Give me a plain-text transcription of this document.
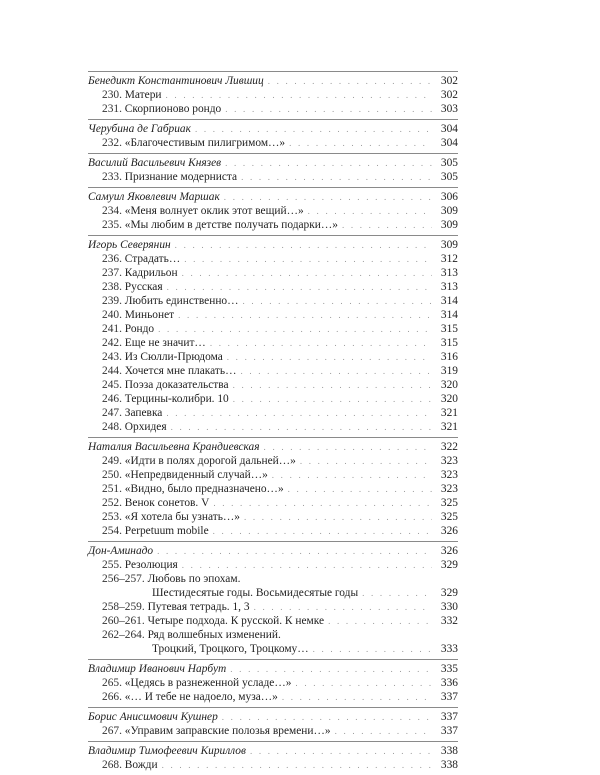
Бенедикт Константинович Лившиц . . .	302
230. Матери . . .	302
231. Скорпионово рондо . . .	303
Черубина де Габриак . . .	304
232. «Благочестивым пилигримом…» . . .	304
Василий Васильевич Князев . . .	305
233. Признание модерниста . . .	305
Самуил Яковлевич Маршак . . .	306
234. «Меня волнует оклик этот вещий…» . . .	309
235. «Мы любим в детстве получать подарки…» . . .	309
Игорь Северянин . . .	309
236. Страдать… . . .	312
237. Кадрильон . . .	313
238. Русская . . .	313
239. Любить единственно… . . .	314
240. Миньонет . . .	314
241. Рондо . . .	315
242. Еще не значит… . . .	315
243. Из Сюлли-Прюдома . . .	316
244. Хочется мне плакать… . . .	319
245. Поэза доказательства . . .	320
246. Терцины-колибри. 10 . . .	320
247. Запевка . . .	321
248. Орхидея . . .	321
Наталия Васильевна Крандиевская . . .	322
249. «Идти в полях дорогой дальней…» . . .	323
250. «Непредвиденный случай…» . . .	323
251. «Видно, было предназначено…» . . .	323
252. Венок сонетов. V . . .	325
253. «Я хотела бы узнать…» . . .	325
254. Perpetuum mobile . . .	326
Дон-Аминадо . . .	326
255. Резолюция . . .	329
256–257. Любовь по эпохам.
Шестидесятые годы. Восьмидесятые годы . . .	329
258–259. Путевая тетрадь. 1, 3 . . .	330
260–261. Четыре подхода. К русской. К немке . . .	332
262–264. Ряд волшебных изменений.
Троцкий, Троцкого, Троцкому… . . .	333
Владимир Иванович Нарбут . . .	335
265. «Цедясь в разнеженной усладе…» . . .	336
266. «… И тебе не надоело, муза…» . . .	337
Борис Анисимович Кушнер . . .	337
267. «Управим заправские полозья времени…» . . .	337
Владимир Тимофеевич Кириллов . . .	338
268. Вожди . . .	338
